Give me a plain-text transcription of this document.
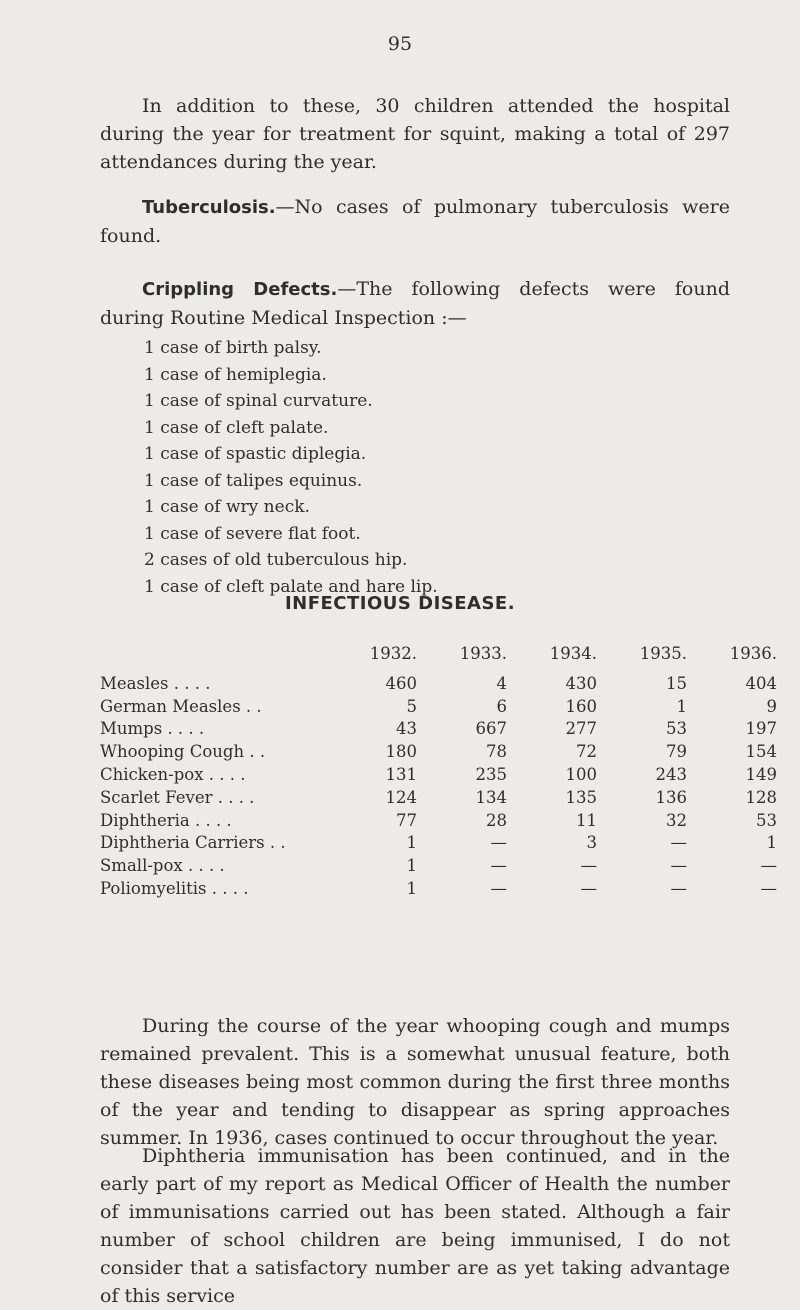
95

In addition to these, 30 children attended the hospital during the year for treatment for squint, making a total of 297 attendances during the year.

Tuberculosis.—No cases of pulmonary tuberculosis were found.

Crippling Defects.—The following defects were found during Routine Medical Inspection :—

1 case of birth palsy.
1 case of hemiplegia.
1 case of spinal curvature.
1 case of cleft palate.
1 case of spastic diplegia.
1 case of talipes equinus.
1 case of wry neck.
1 case of severe flat foot.
2 cases of old tuberculous hip.
1 case of cleft palate and hare lip.
INFECTIOUS DISEASE.
	1932.	1933.	1934.	1935.	1936.
Measles . . . .	460	4	430	15	404
German Measles . .	5	6	160	1	9
Mumps . . . .	43	667	277	53	197
Whooping Cough . .	180	78	72	79	154
Chicken-pox . . . .	131	235	100	243	149
Scarlet Fever . . . .	124	134	135	136	128
Diphtheria . . . .	77	28	11	32	53
Diphtheria Carriers . .	1	—	3	—	1
Small-pox . . . .	1	—	—	—	—
Poliomyelitis . . . .	1	—	—	—	—

During the course of the year whooping cough and mumps remained prevalent. This is a somewhat unusual feature, both these diseases being most common during the first three months of the year and tending to disappear as spring approaches summer. In 1936, cases continued to occur throughout the year.

Diphtheria immunisation has been continued, and in the early part of my report as Medical Officer of Health the number of immunisations carried out has been stated. Although a fair number of school children are being immunised, I do not consider that a satisfactory number are as yet taking advantage of this service
